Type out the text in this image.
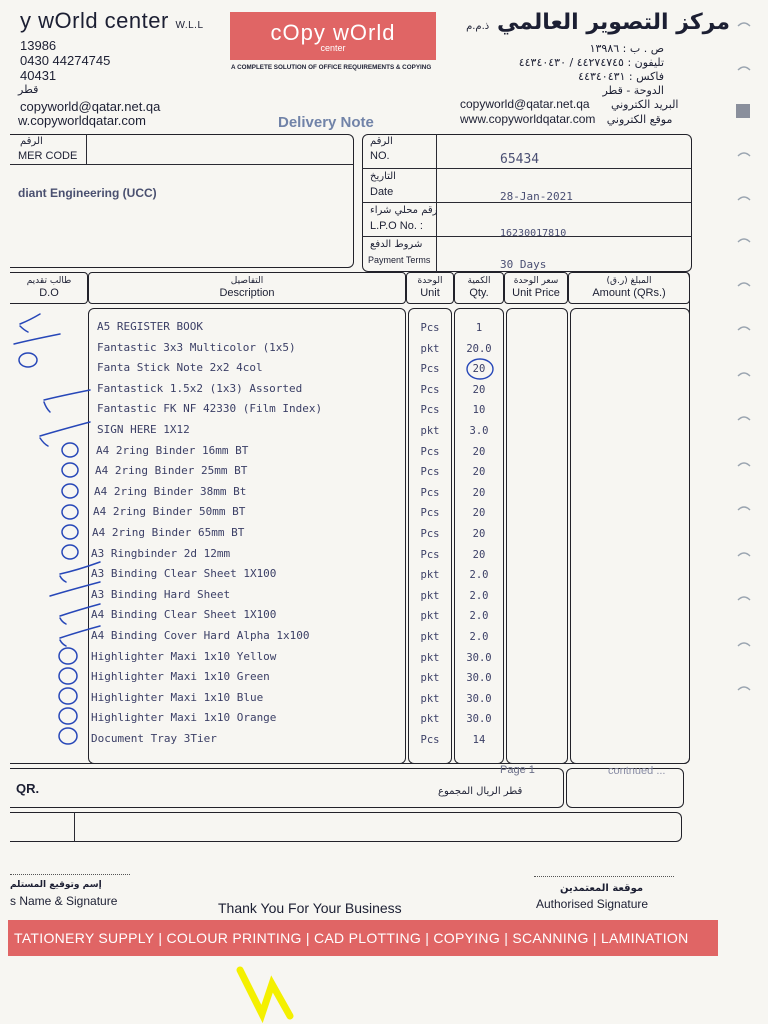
y wOrld center W.L.L
13986
0430 44274745
40431
قطر
copyworld@qatar.net.qa
w.copyworldqatar.com
cOpy wOrld
center
A COMPLETE SOLUTION OF OFFICE REQUIREMENTS & COPYING
مركز التصوير العالمي ذ.م.م
ص . ب : ١٣٩٨٦
تليفون : ٤٤٢٧٤٧٤٥ / ٤٤٣٤٠٤٣٠
فاكس : ٤٤٣٤٠٤٣١
الدوحة - قطر
copyworld@qatar.net.qa البريد الكتروني
www.copyworldqatar.com موقع الكتروني
Delivery Note
الرقم
MER CODE
diant Engineering (UCC)
الرقم
NO.	65434
التاريخ
Date	28-Jan-2021
رقم محلي شراء
L.P.O No. :
16230017810
شروط الدفع
Payment Terms	30 Days
طالب تقديم
D.O
التفاصيل
Description
الوحدة
Unit
الكمية
Qty.
سعر الوحدة
Unit Price
المبلغ (ر.ق)
Amount (QRs.)
A5 REGISTER BOOK	Pcs	1
Fantastic 3x3 Multicolor (1x5)	pkt	20.0
Fanta Stick Note 2x2 4col	Pcs	20
Fantastick 1.5x2 (1x3) Assorted	Pcs	20
Fantastic FK NF 42330 (Film Index)	Pcs	10
SIGN HERE 1X12	pkt	3.0
A4 2ring Binder 16mm BT	Pcs	20
A4 2ring Binder 25mm BT	Pcs	20
A4 2ring Binder 38mm Bt	Pcs	20
A4 2ring Binder 50mm BT	Pcs	20
A4 2ring Binder 65mm BT	Pcs	20
A3 Ringbinder 2d 12mm	Pcs	20
A3 Binding Clear Sheet 1X100	pkt	2.0
A3 Binding Hard Sheet	pkt	2.0
A4 Binding Clear Sheet 1X100	pkt	2.0
A4 Binding Cover Hard Alpha 1x100	pkt	2.0
Highlighter Maxi 1x10 Yellow	pkt	30.0
Highlighter Maxi 1x10 Green	pkt	30.0
Highlighter Maxi 1x10 Blue	pkt	30.0
Highlighter Maxi 1x10 Orange	pkt	30.0
Document Tray 3Tier	Pcs	14
Page 1	contnued ...
QR.	قطر الريال المجموع
إسم وتوقيع المستلم
s Name & Signature	Thank You For Your Business
موقعة المعتمدين
Authorised Signature
TATIONERY SUPPLY | COLOUR PRINTING | CAD PLOTTING | COPYING | SCANNING | LAMINATION
